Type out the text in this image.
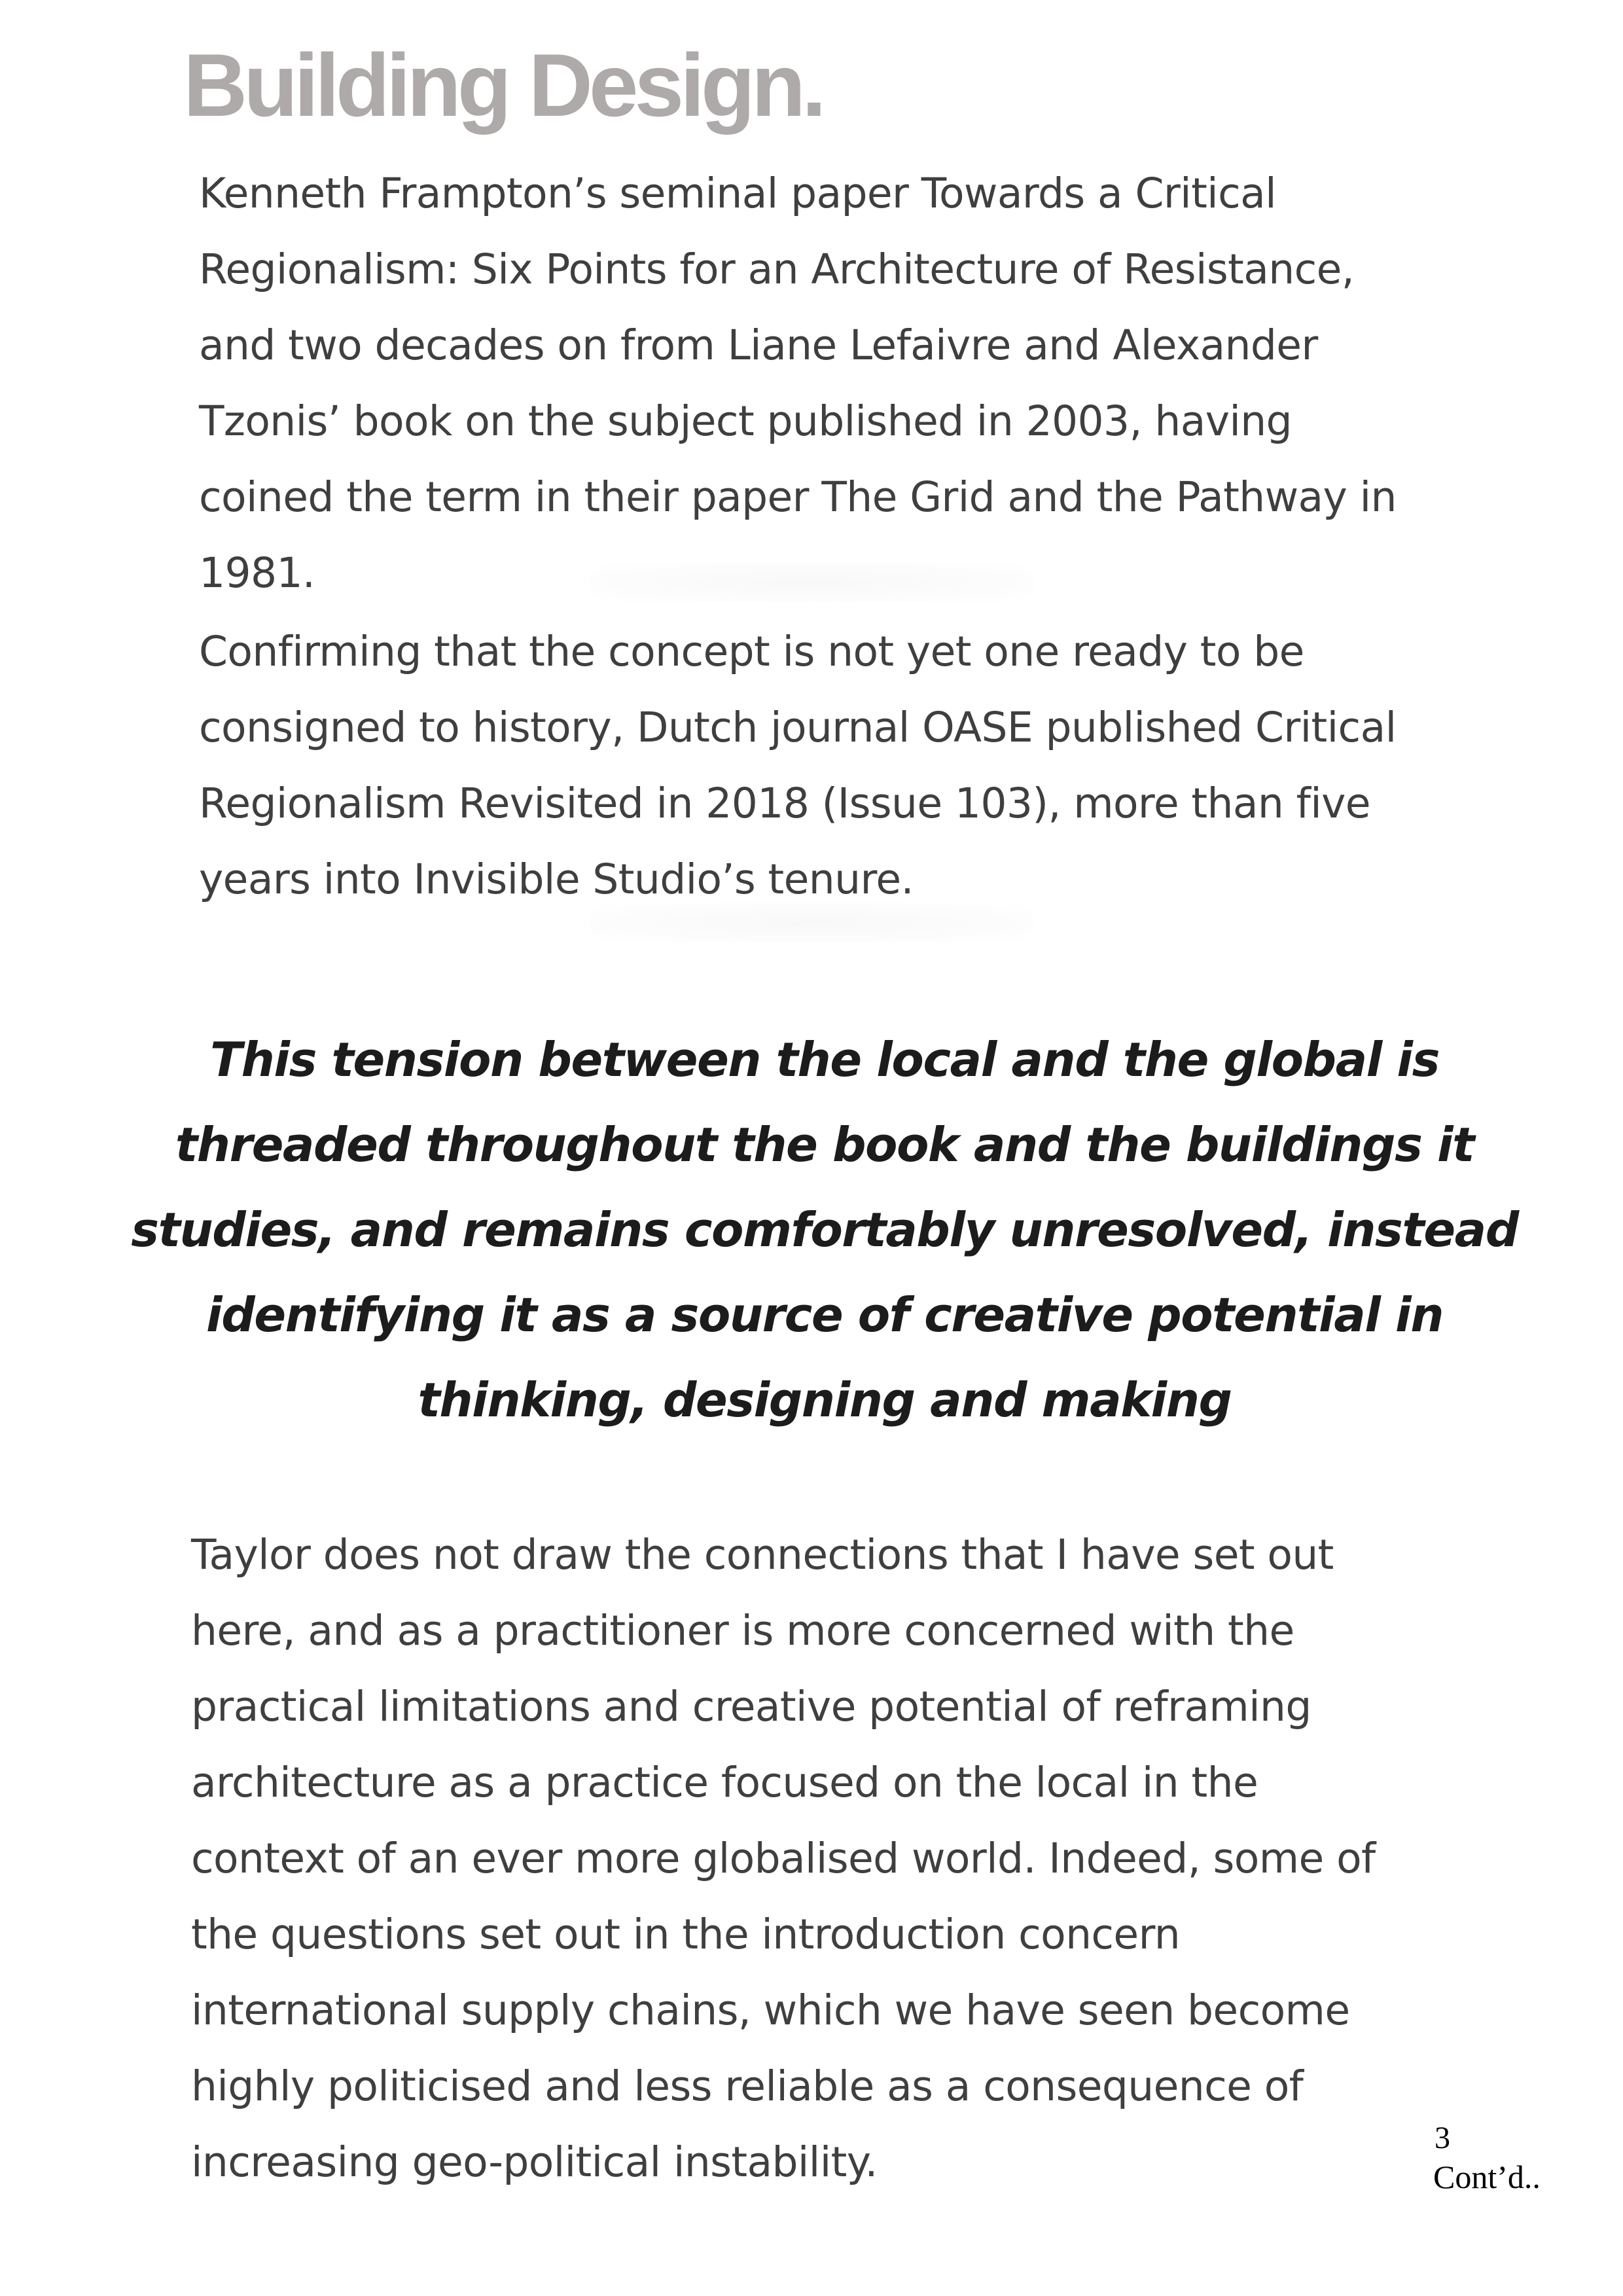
Building Design.

Kenneth Frampton’s seminal paper Towards a Critical
Regionalism: Six Points for an Architecture of Resistance,
and two decades on from Liane Lefaivre and Alexander
Tzonis’ book on the subject published in 2003, having
coined the term in their paper The Grid and the Pathway in
1981.

Confirming that the concept is not yet one ready to be
consigned to history, Dutch journal OASE published Critical
Regionalism Revisited in 2018 (Issue 103), more than five
years into Invisible Studio’s tenure.

This tension between the local and the global is
threaded throughout the book and the buildings it
studies, and remains comfortably unresolved, instead
identifying it as a source of creative potential in
thinking, designing and making

Taylor does not draw the connections that I have set out
here, and as a practitioner is more concerned with the
practical limitations and creative potential of reframing
architecture as a practice focused on the local in the
context of an ever more globalised world. Indeed, some of
the questions set out in the introduction concern
international supply chains, which we have seen become
highly politicised and less reliable as a consequence of
increasing geo-political instability.

3
Cont’d..
